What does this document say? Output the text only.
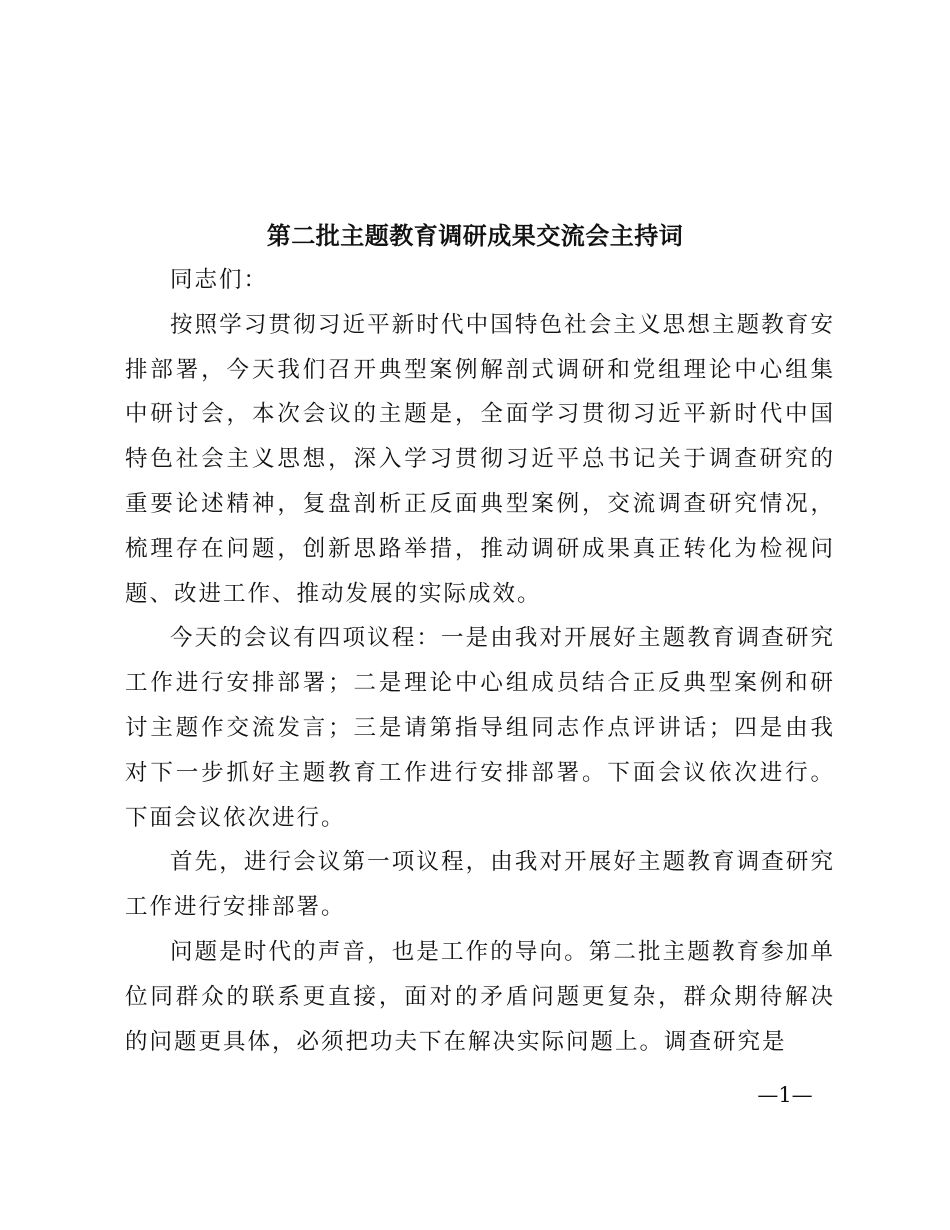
第二批主题教育调研成果交流会主持词

同志们：

按照学习贯彻习近平新时代中国特色社会主义思想主题教育安排部署，今天我们召开典型案例解剖式调研和党组理论中心组集中研讨会，本次会议的主题是，全面学习贯彻习近平新时代中国特色社会主义思想，深入学习贯彻习近平总书记关于调查研究的重要论述精神，复盘剖析正反面典型案例，交流调查研究情况，梳理存在问题，创新思路举措，推动调研成果真正转化为检视问题、改进工作、推动发展的实际成效。

今天的会议有四项议程：一是由我对开展好主题教育调查研究工作进行安排部署；二是理论中心组成员结合正反典型案例和研讨主题作交流发言；三是请第指导组同志作点评讲话；四是由我对下一步抓好主题教育工作进行安排部署。下面会议依次进行。下面会议依次进行。

首先，进行会议第一项议程，由我对开展好主题教育调查研究工作进行安排部署。

问题是时代的声音，也是工作的导向。第二批主题教育参加单位同群众的联系更直接，面对的矛盾问题更复杂，群众期待解决的问题更具体，必须把功夫下在解决实际问题上。调查研究是

—1—
